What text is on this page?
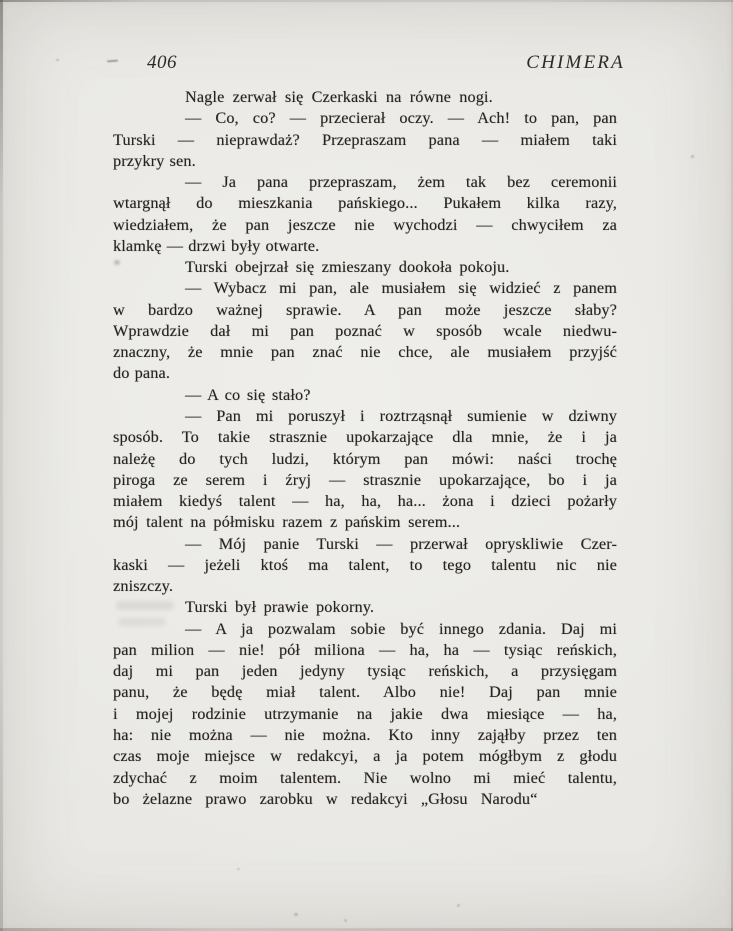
406	CHIMERA
Nagle zerwał się Czerkaski na równe nogi.
— Co, co? — przecierał oczy. — Ach! to pan, pan
Turski — nieprawdaż? Przepraszam pana — miałem taki
przykry sen.
— Ja pana przepraszam, żem tak bez ceremonii
wtargnął do mieszkania pańskiego... Pukałem kilka razy,
wiedziałem, że pan jeszcze nie wychodzi — chwyciłem za
klamkę — drzwi były otwarte.
Turski obejrzał się zmieszany dookoła pokoju.
— Wybacz mi pan, ale musiałem się widzieć z panem
w bardzo ważnej sprawie. A pan może jeszcze słaby?
Wprawdzie dał mi pan poznać w sposób wcale niedwu-
znaczny, że mnie pan znać nie chce, ale musiałem przyjść
do pana.
— A co się stało?
— Pan mi poruszył i roztrząsnął sumienie w dziwny
sposób. To takie strasznie upokarzające dla mnie, że i ja
należę do tych ludzi, którym pan mówi: naści trochę
piroga ze serem i źryj — strasznie upokarzające, bo i ja
miałem kiedyś talent — ha, ha, ha... żona i dzieci pożarły
mój talent na półmisku razem z pańskim serem...
— Mój panie Turski — przerwał opryskliwie Czer-
kaski — jeżeli ktoś ma talent, to tego talentu nic nie
zniszczy.
Turski był prawie pokorny.
— A ja pozwalam sobie być innego zdania. Daj mi
pan milion — nie! pół miliona — ha, ha — tysiąc reńskich,
daj mi pan jeden jedyny tysiąc reńskich, a przysięgam
panu, że będę miał talent. Albo nie! Daj pan mnie
i mojej rodzinie utrzymanie na jakie dwa miesiące — ha,
ha: nie można — nie można. Kto inny zająłby przez ten
czas moje miejsce w redakcyi, a ja potem mógłbym z głodu
zdychać z moim talentem. Nie wolno mi mieć talentu,
bo żelazne prawo zarobku w redakcyi „Głosu Narodu“
